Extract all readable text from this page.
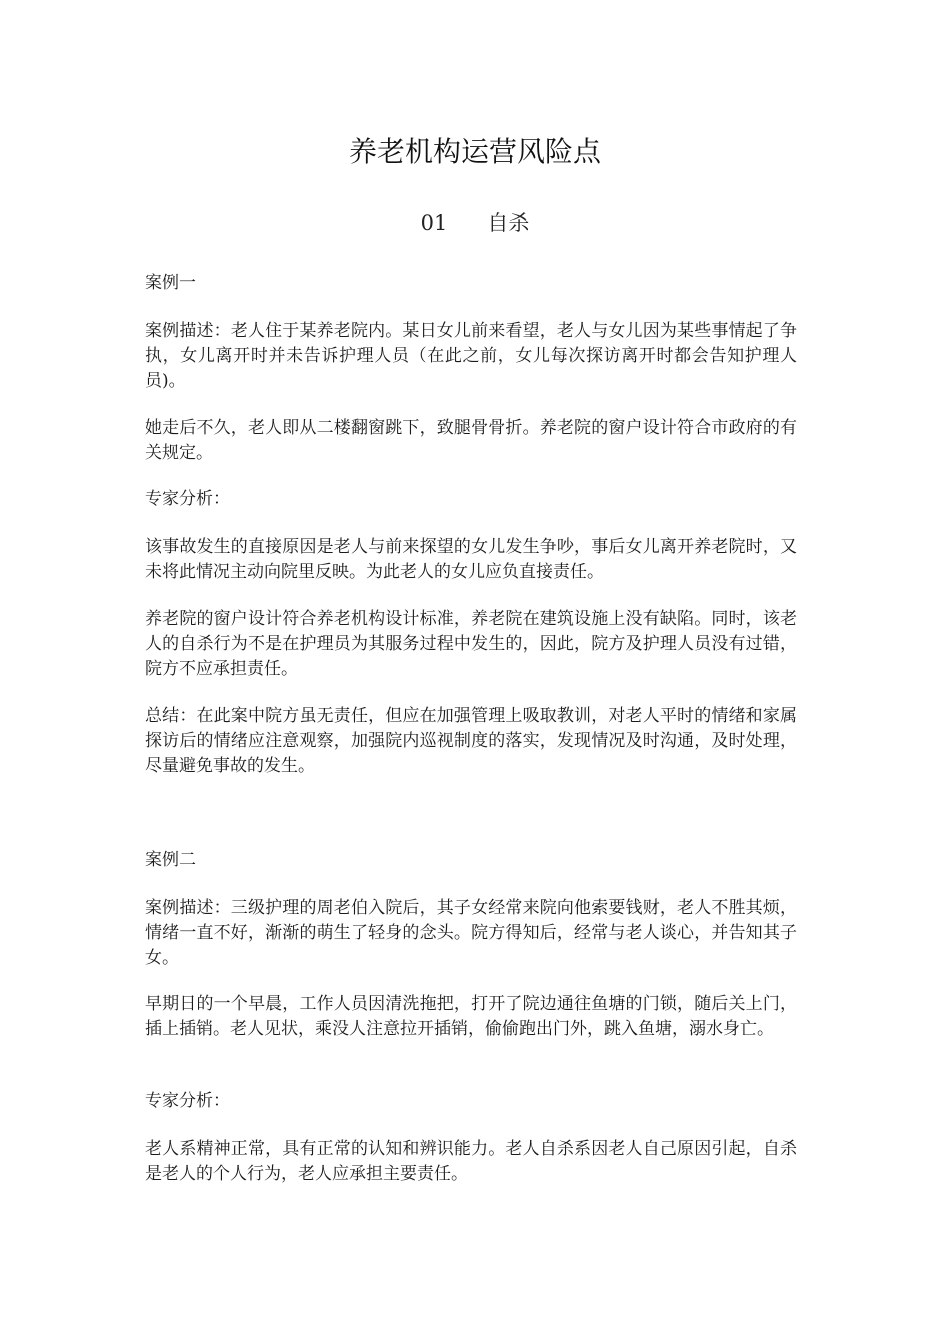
养老机构运营风险点
01 自杀

案例一

案例描述：老人住于某养老院内。某日女儿前来看望，老人与女儿因为某些事情起了争执，女儿离开时并未告诉护理人员（在此之前，女儿每次探访离开时都会告知护理人员)。

她走后不久，老人即从二楼翻窗跳下，致腿骨骨折。养老院的窗户设计符合市政府的有关规定。

专家分析：

该事故发生的直接原因是老人与前来探望的女儿发生争吵，事后女儿离开养老院时，又未将此情况主动向院里反映。为此老人的女儿应负直接责任。

养老院的窗户设计符合养老机构设计标准，养老院在建筑设施上没有缺陷。同时，该老人的自杀行为不是在护理员为其服务过程中发生的，因此，院方及护理人员没有过错，院方不应承担责任。

总结：在此案中院方虽无责任，但应在加强管理上吸取教训，对老人平时的情绪和家属探访后的情绪应注意观察，加强院内巡视制度的落实，发现情况及时沟通，及时处理，尽量避免事故的发生。

案例二

案例描述：三级护理的周老伯入院后，其子女经常来院向他索要钱财，老人不胜其烦，情绪一直不好，渐渐的萌生了轻身的念头。院方得知后，经常与老人谈心，并告知其子女。

早期日的一个早晨，工作人员因清洗拖把，打开了院边通往鱼塘的门锁，随后关上门，插上插销。老人见状，乘没人注意拉开插销，偷偷跑出门外，跳入鱼塘，溺水身亡。

专家分析：

老人系精神正常，具有正常的认知和辨识能力。老人自杀系因老人自己原因引起，自杀是老人的个人行为，老人应承担主要责任。
